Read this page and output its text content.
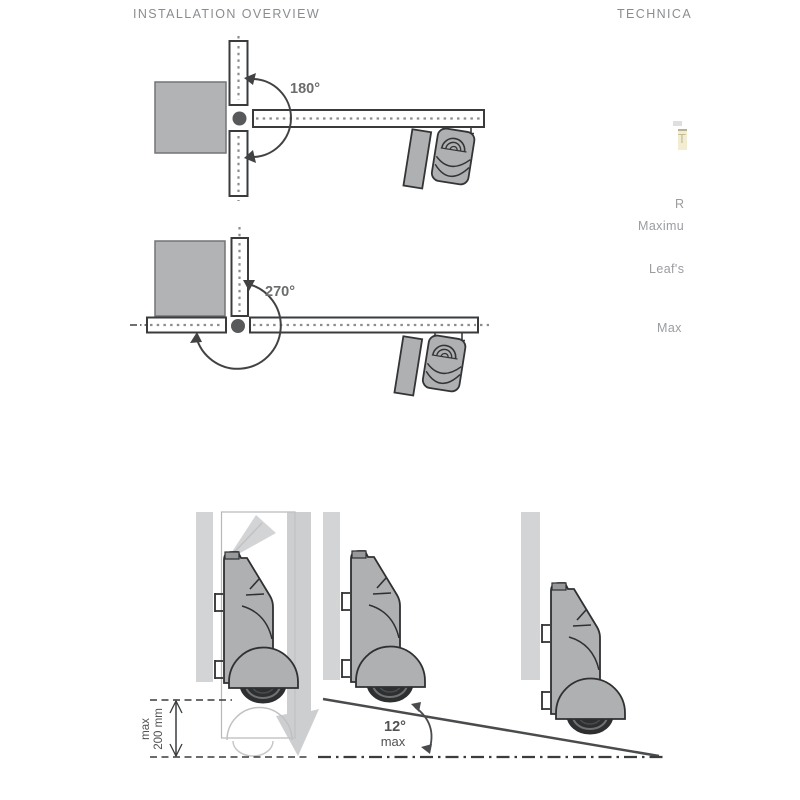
INSTALLATION OVERVIEW	TECHNICA
T
R
Maximu
Leaf's
Max
180°
270°
max 200 mm	12°
max
